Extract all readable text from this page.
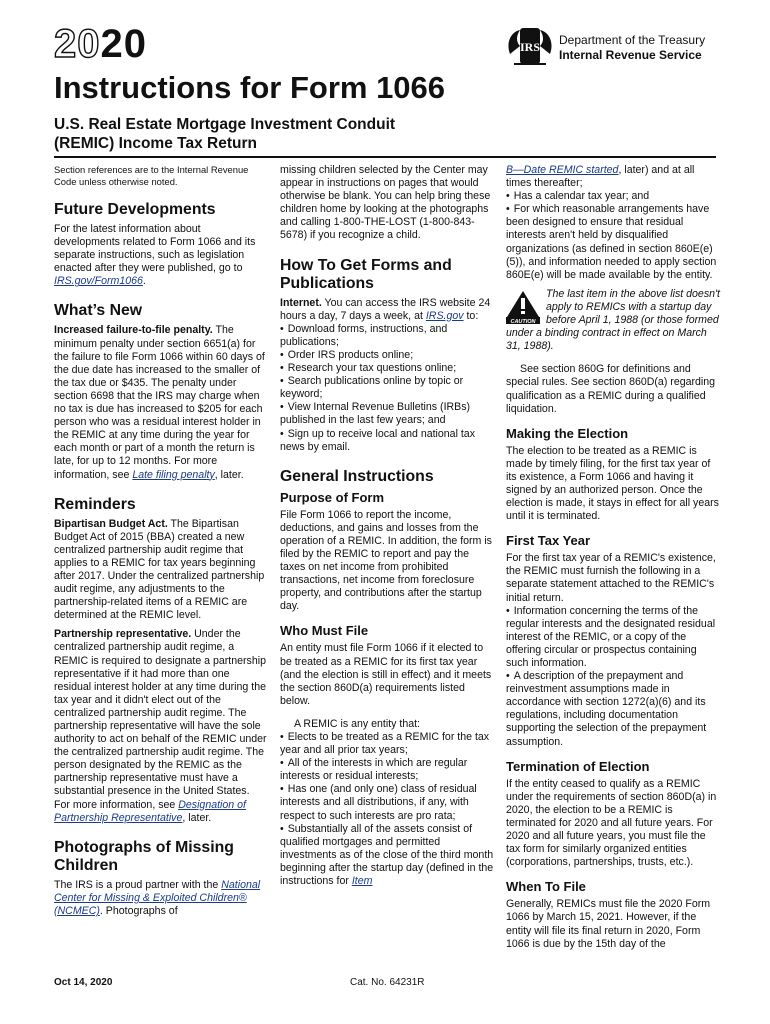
2020
Instructions for Form 1066
U.S. Real Estate Mortgage Investment Conduit
(REMIC) Income Tax Return
IRS Department of the Treasury
Internal Revenue Service

Section references are to the Internal Revenue Code unless otherwise noted.

Future Developments

For the latest information about developments related to Form 1066 and its separate instructions, such as legislation enacted after they were published, go to IRS.gov/Form1066.

What’s New

Increased failure-to-file penalty. The minimum penalty under section 6651(a) for the failure to file Form 1066 within 60 days of the due date has increased to the smaller of the tax due or $435. The penalty under section 6698 that the IRS may charge when no tax is due has increased to $205 for each person who was a residual interest holder in the REMIC at any time during the year for each month or part of a month the return is late, for up to 12 months. For more information, see Late filing penalty, later.

Reminders

Bipartisan Budget Act. The Bipartisan Budget Act of 2015 (BBA) created a new centralized partnership audit regime that applies to a REMIC for tax years beginning after 2017. Under the centralized partnership audit regime, any adjustments to the partnership-related items of a REMIC are determined at the REMIC level.

Partnership representative. Under the centralized partnership audit regime, a REMIC is required to designate a partnership representative if it had more than one residual interest holder at any time during the tax year and it didn't elect out of the centralized partnership audit regime. The partnership representative will have the sole authority to act on behalf of the REMIC under the centralized partnership audit regime. The person designated by the REMIC as the partnership representative must have a substantial presence in the United States. For more information, see Designation of Partnership Representative, later.

Photographs of Missing Children

The IRS is a proud partner with the National Center for Missing & Exploited Children® (NCMEC). Photographs of

missing children selected by the Center may appear in instructions on pages that would otherwise be blank. You can help bring these children home by looking at the photographs and calling 1-800-THE-LOST (1-800-843-5678) if you recognize a child.

How To Get Forms and Publications

Internet. You can access the IRS website 24 hours a day, 7 days a week, at IRS.gov to:

• Download forms, instructions, and publications;
• Order IRS products online;
• Research your tax questions online;
• Search publications online by topic or keyword;
• View Internal Revenue Bulletins (IRBs) published in the last few years; and
• Sign up to receive local and national tax news by email.
General Instructions
Purpose of Form

File Form 1066 to report the income, deductions, and gains and losses from the operation of a REMIC. In addition, the form is filed by the REMIC to report and pay the taxes on net income from prohibited transactions, net income from foreclosure property, and contributions after the startup day.

Who Must File

An entity must file Form 1066 if it elected to be treated as a REMIC for its first tax year (and the election is still in effect) and it meets the section 860D(a) requirements listed below.

A REMIC is any entity that:

• Elects to be treated as a REMIC for the tax year and all prior tax years;
• All of the interests in which are regular interests or residual interests;
• Has one (and only one) class of residual interests and all distributions, if any, with respect to such interests are pro rata;
• Substantially all of the assets consist of qualified mortgages and permitted investments as of the close of the third month beginning after the startup day (defined in the instructions for Item

B—Date REMIC started, later) and at all times thereafter;

• Has a calendar tax year; and
• For which reasonable arrangements have been designed to ensure that residual interests aren't held by disqualified organizations (as defined in section 860E(e)(5)), and information needed to apply section 860E(e) will be made available by the entity.
CAUTION
The last item in the above list doesn't apply to REMICs with a startup day before April 1, 1988 (or those formed under a binding contract in effect on March 31, 1988).

See section 860G for definitions and special rules. See section 860D(a) regarding qualification as a REMIC during a qualified liquidation.

Making the Election

The election to be treated as a REMIC is made by timely filing, for the first tax year of its existence, a Form 1066 and having it signed by an authorized person. Once the election is made, it stays in effect for all years until it is terminated.

First Tax Year

For the first tax year of a REMIC's existence, the REMIC must furnish the following in a separate statement attached to the REMIC's initial return.

• Information concerning the terms of the regular interests and the designated residual interest of the REMIC, or a copy of the offering circular or prospectus containing such information.
• A description of the prepayment and reinvestment assumptions made in accordance with section 1272(a)(6) and its regulations, including documentation supporting the selection of the prepayment assumption.
Termination of Election

If the entity ceased to qualify as a REMIC under the requirements of section 860D(a) in 2020, the election to be a REMIC is terminated for 2020 and all future years. For 2020 and all future years, you must file the tax form for similarly organized entities (corporations, partnerships, trusts, etc.).

When To File

Generally, REMICs must file the 2020 Form 1066 by March 15, 2021. However, if the entity will file its final return in 2020, Form 1066 is due by the 15th day of the

Oct 14, 2020	Cat. No. 64231R
